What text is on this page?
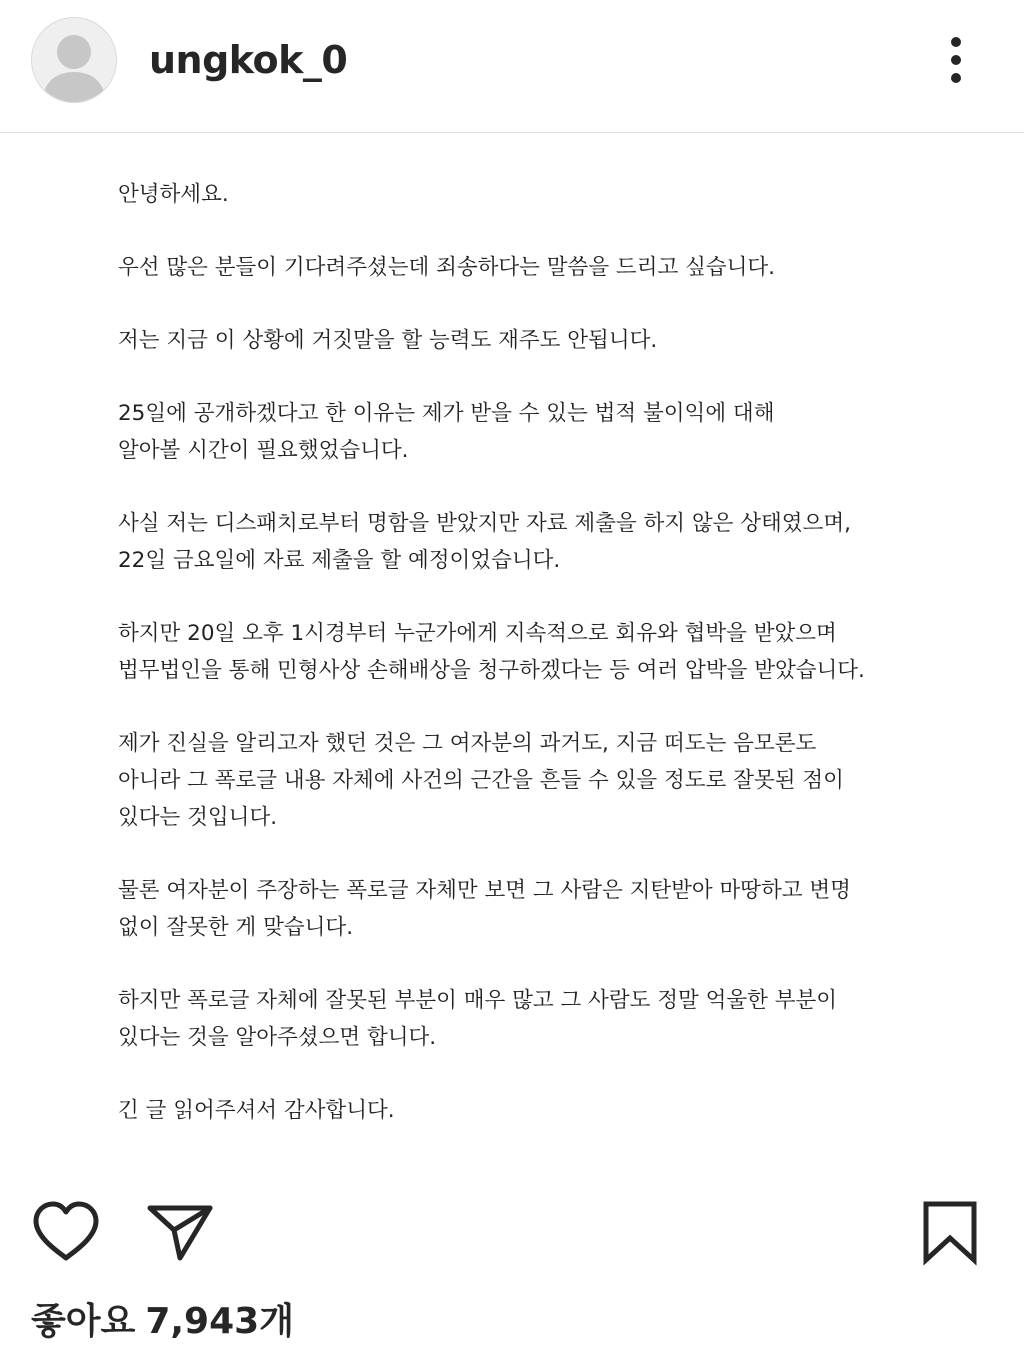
ungkok_0

안녕하세요.

우선 많은 분들이 기다려주셨는데 죄송하다는 말씀을 드리고 싶습니다.

저는 지금 이 상황에 거짓말을 할 능력도 재주도 안됩니다.

25일에 공개하겠다고 한 이유는 제가 받을 수 있는 법적 불이익에 대해
알아볼 시간이 필요했었습니다.

사실 저는 디스패치로부터 명함을 받았지만 자료 제출을 하지 않은 상태였으며,
22일 금요일에 자료 제출을 할 예정이었습니다.

하지만 20일 오후 1시경부터 누군가에게 지속적으로 회유와 협박을 받았으며
법무법인을 통해 민형사상 손해배상을 청구하겠다는 등 여러 압박을 받았습니다.

제가 진실을 알리고자 했던 것은 그 여자분의 과거도, 지금 떠도는 음모론도
아니라 그 폭로글 내용 자체에 사건의 근간을 흔들 수 있을 정도로 잘못된 점이
있다는 것입니다.

물론 여자분이 주장하는 폭로글 자체만 보면 그 사람은 지탄받아 마땅하고 변명
없이 잘못한 게 맞습니다.

하지만 폭로글 자체에 잘못된 부분이 매우 많고 그 사람도 정말 억울한 부분이
있다는 것을 알아주셨으면 합니다.

긴 글 읽어주셔서 감사합니다.

좋아요 7,943개
